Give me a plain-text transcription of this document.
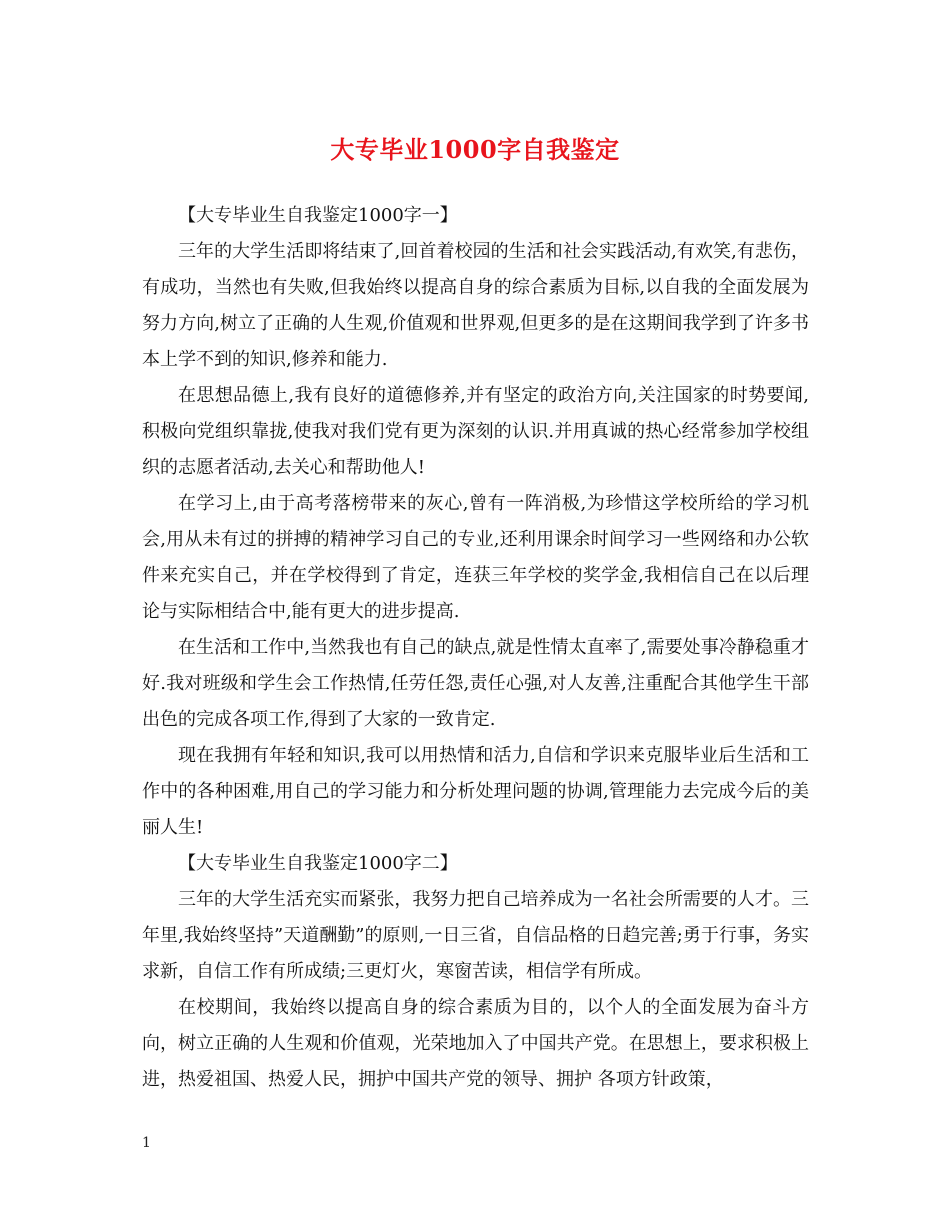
大专毕业1000字自我鉴定

【大专毕业生自我鉴定1000字一】

三年的大学生活即将结束了,回首着校园的生活和社会实践活动,有欢笑,有悲伤，有成功，当然也有失败,但我始终以提高自身的综合素质为目标,以自我的全面发展为努力方向,树立了正确的人生观,价值观和世界观,但更多的是在这期间我学到了许多书本上学不到的知识,修养和能力.

在思想品德上,我有良好的道德修养,并有坚定的政治方向,关注国家的时势要闻,积极向党组织靠拢,使我对我们党有更为深刻的认识.并用真诚的热心经常参加学校组织的志愿者活动,去关心和帮助他人!

在学习上,由于高考落榜带来的灰心,曾有一阵消极,为珍惜这学校所给的学习机会,用从未有过的拼搏的精神学习自己的专业,还利用课余时间学习一些网络和办公软件来充实自己，并在学校得到了肯定，连获三年学校的奖学金,我相信自己在以后理论与实际相结合中,能有更大的进步提高.

在生活和工作中,当然我也有自己的缺点,就是性情太直率了,需要处事冷静稳重才好.我对班级和学生会工作热情,任劳任怨,责任心强,对人友善,注重配合其他学生干部出色的完成各项工作,得到了大家的一致肯定.

现在我拥有年轻和知识,我可以用热情和活力,自信和学识来克服毕业后生活和工作中的各种困难,用自己的学习能力和分析处理问题的协调,管理能力去完成今后的美丽人生!

【大专毕业生自我鉴定1000字二】

三年的大学生活充实而紧张，我努力把自己培养成为一名社会所需要的人才。三年里,我始终坚持”天道酬勤”的原则,一日三省，自信品格的日趋完善;勇于行事，务实求新，自信工作有所成绩;三更灯火，寒窗苦读，相信学有所成。

在校期间，我始终以提高自身的综合素质为目的，以个人的全面发展为奋斗方向，树立正确的人生观和价值观，光荣地加入了中国共产党。在思想上，要求积极上进，热爱祖国、热爱人民，拥护中国共产党的领导、拥护 各项方针政策，

1
